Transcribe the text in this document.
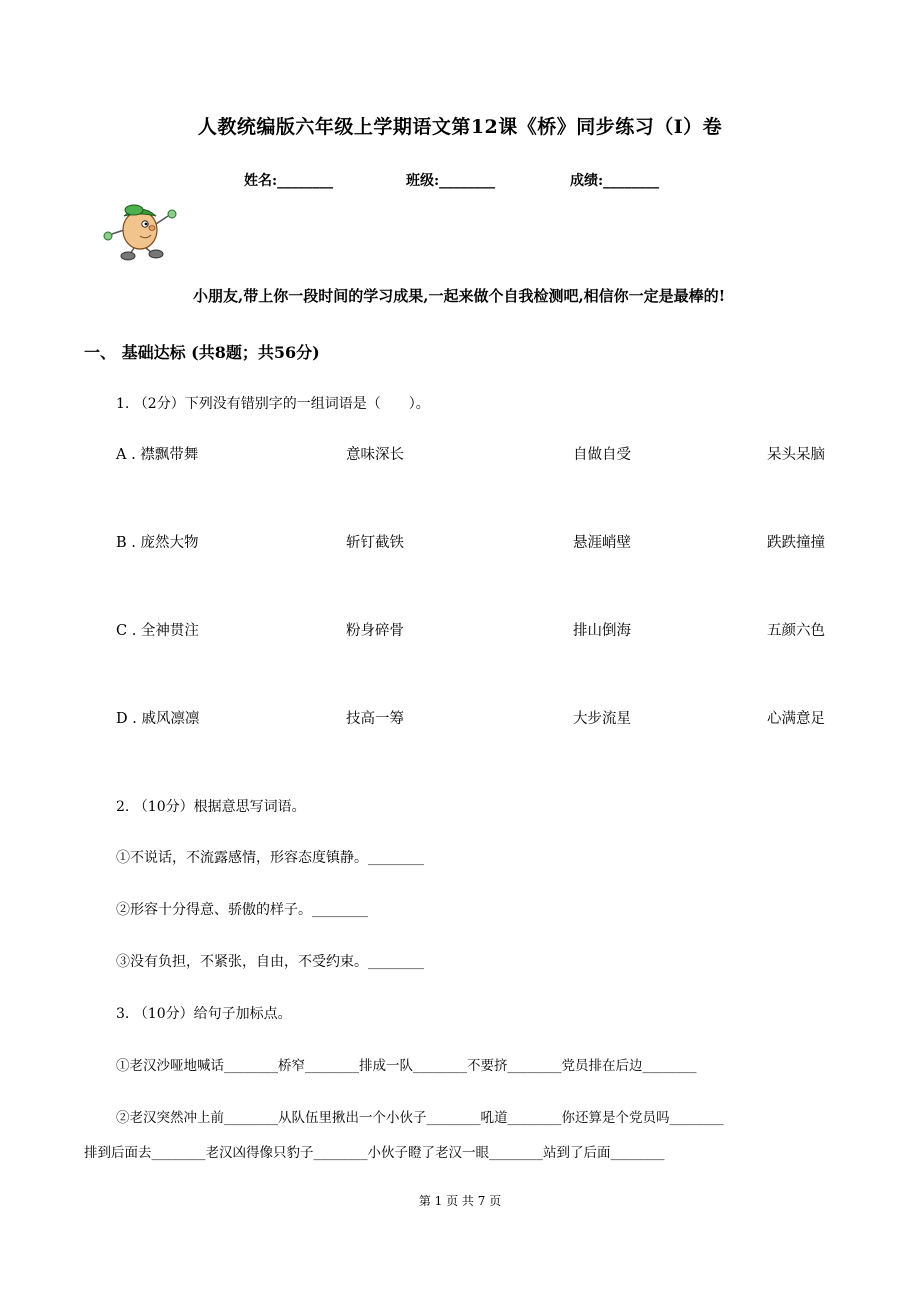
人教统编版六年级上学期语文第12课《桥》同步练习（I）卷
姓名:________	班级:________	成绩:________
小朋友,带上你一段时间的学习成果,一起来做个自我检测吧,相信你一定是最棒的!
一、 基础达标 (共8题；共56分)
1. （2分）下列没有错别字的一组词语是（　　）。
A . 襟飘带舞	意味深长	自做自受	呆头呆脑
B . 庞然大物	斩钉截铁	悬涯峭壁	跌跌撞撞
C . 全神贯注	粉身碎骨	排山倒海	五颜六色
D . 戚风凛凛	技高一筹	大步流星	心满意足
2. （10分）根据意思写词语。
①不说话，不流露感情，形容态度镇静。________
②形容十分得意、骄傲的样子。________
③没有负担，不紧张，自由，不受约束。________
3. （10分）给句子加标点。
①老汉沙哑地喊话________桥窄________排成一队________不要挤________党员排在后边________
②老汉突然冲上前________从队伍里揪出一个小伙子________吼道________你还算是个党员吗________
排到后面去________老汉凶得像只豹子________小伙子瞪了老汉一眼________站到了后面________
第 1 页 共 7 页
